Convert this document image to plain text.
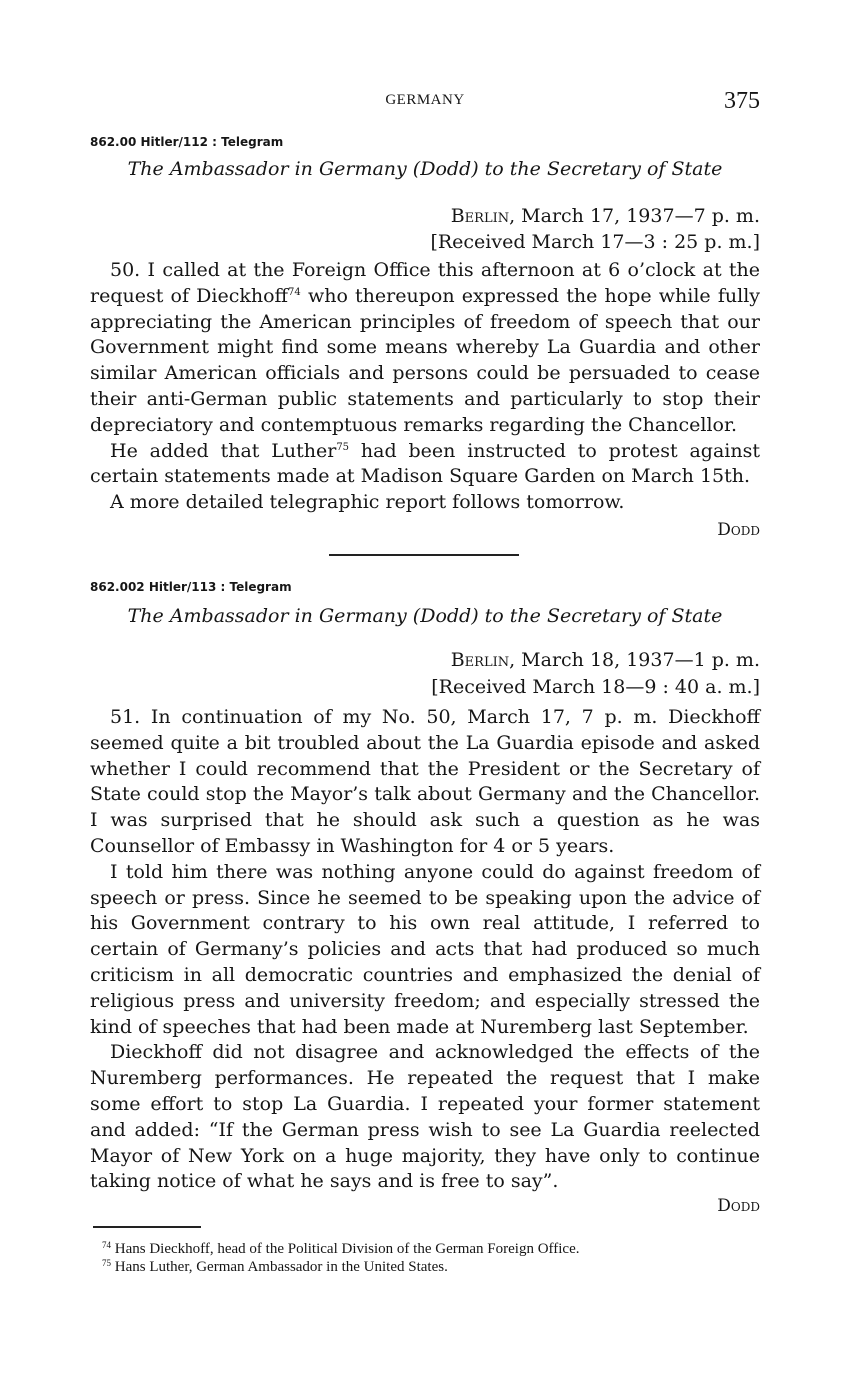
GERMANY	375
862.00 Hitler/112 : Telegram
The Ambassador in Germany (Dodd) to the Secretary of State
Berlin, March 17, 1937—7 p. m.
[Received March 17—3 : 25 p. m.]

50. I called at the Foreign Office this afternoon at 6 o’clock at the request of Dieckhoff$^{74}$ who thereupon expressed the hope while fully appreciating the American principles of freedom of speech that our Government might find some means whereby La Guardia and other similar American officials and persons could be persuaded to cease their anti-German public statements and particularly to stop their depreciatory and contemptuous remarks regarding the Chancellor.

He added that Luther$^{75}$ had been instructed to protest against certain statements made at Madison Square Garden on March 15th.

A more detailed telegraphic report follows tomorrow.

Dodd
862.002 Hitler/113 : Telegram
The Ambassador in Germany (Dodd) to the Secretary of State
Berlin, March 18, 1937—1 p. m.
[Received March 18—9 : 40 a. m.]

51. In continuation of my No. 50, March 17, 7 p. m. Dieckhoff seemed quite a bit troubled about the La Guardia episode and asked whether I could recommend that the President or the Secretary of State could stop the Mayor’s talk about Germany and the Chancellor. I was surprised that he should ask such a question as he was Counsellor of Embassy in Washington for 4 or 5 years.

I told him there was nothing anyone could do against freedom of speech or press. Since he seemed to be speaking upon the advice of his Government contrary to his own real attitude, I referred to certain of Germany’s policies and acts that had produced so much criticism in all democratic countries and emphasized the denial of religious press and university freedom; and especially stressed the kind of speeches that had been made at Nuremberg last September.

Dieckhoff did not disagree and acknowledged the effects of the Nuremberg performances. He repeated the request that I make some effort to stop La Guardia. I repeated your former statement and added: “If the German press wish to see La Guardia reelected Mayor of New York on a huge majority, they have only to continue taking notice of what he says and is free to say”.

Dodd

$^{74}$ Hans Dieckhoff, head of the Political Division of the German Foreign Office.

$^{75}$ Hans Luther, German Ambassador in the United States.
